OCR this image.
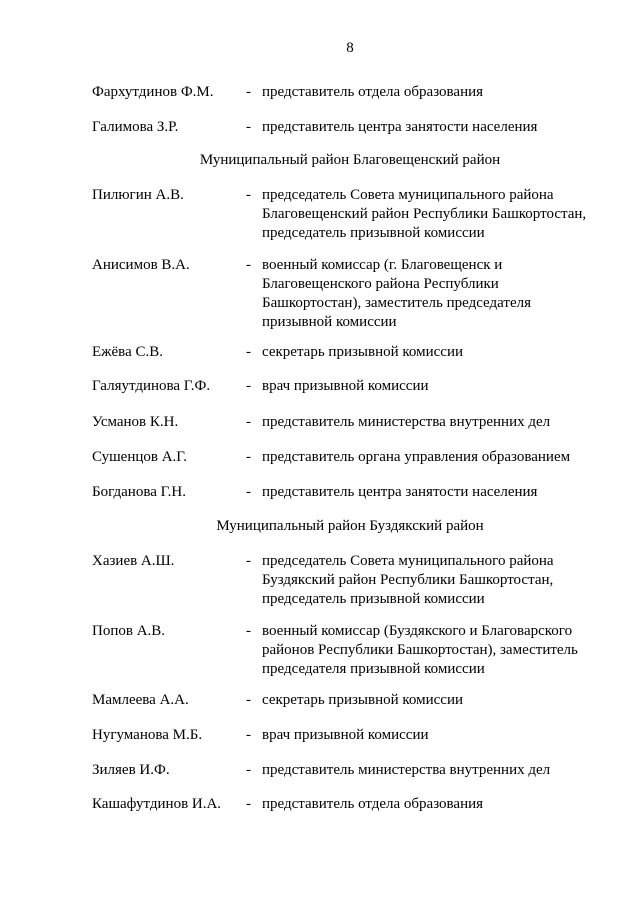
8
Фархутдинов Ф.М. - представитель отдела образования
Галимова З.Р.	- представитель центра занятости населения
Муниципальный район Благовещенский район
Пилюгин А.В.	- председатель Совета муниципального района
Благовещенский район Республики Башкортостан,
председатель призывной комиссии
Анисимов В.А.	- военный комиссар (г. Благовещенск и
Благовещенского района Республики
Башкортостан), заместитель председателя
призывной комиссии
Ежёва С.В.	- секретарь призывной комиссии
Галяутдинова Г.Ф. - врач призывной комиссии
Усманов К.Н.	- представитель министерства внутренних дел
Сушенцов А.Г.	- представитель органа управления образованием
Богданова Г.Н.	- представитель центра занятости населения
Муниципальный район Буздякский район
Хазиев А.Ш.	- председатель Совета муниципального района
Буздякский район Республики Башкортостан,
председатель призывной комиссии
Попов А.В.	- военный комиссар (Буздякского и Благоварского
районов Республики Башкортостан), заместитель
председателя призывной комиссии
Мамлеева А.А.	- секретарь призывной комиссии
Нугуманова М.Б.	- врач призывной комиссии
Зиляев И.Ф.	- представитель министерства внутренних дел
Кашафутдинов И.А. - представитель отдела образования
